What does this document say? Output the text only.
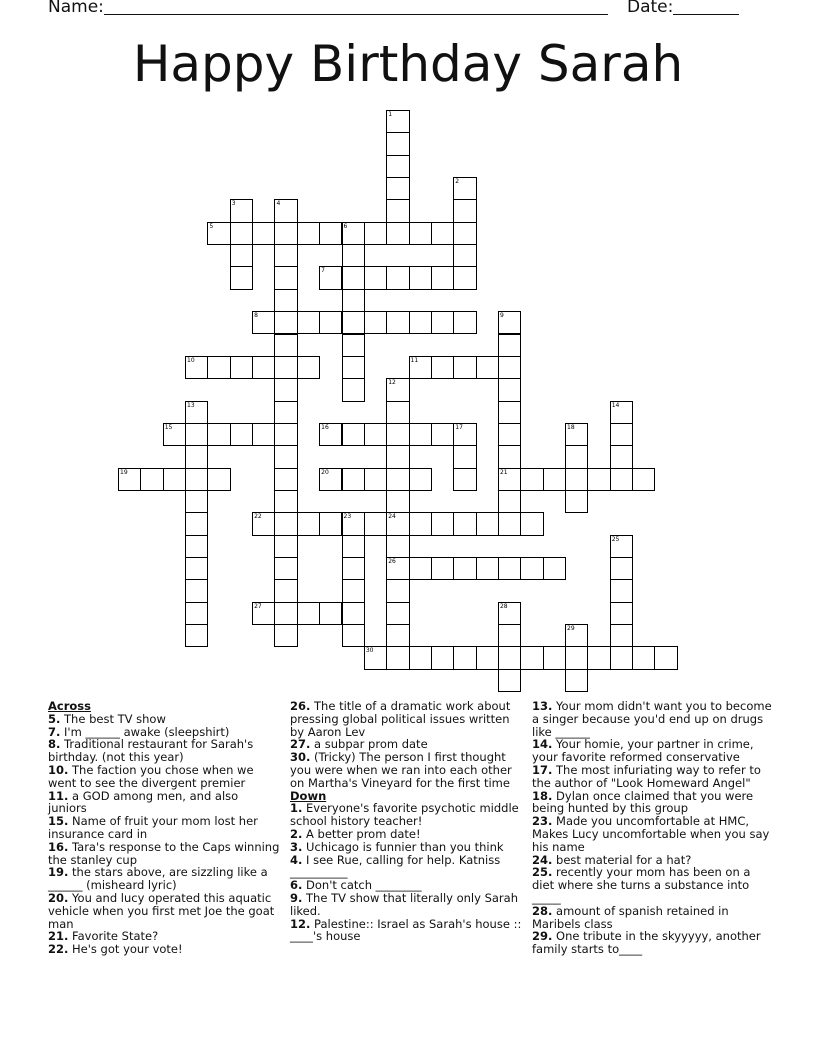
Name:	Date:
Happy Birthday Sarah
1
2
3	4
5	6
7
8	9
10	11
12
13	14
15	16	17	18
19	20	21
22	23	24
25
26
27	28
29
30
Across
5. The best TV show
7. I'm ______ awake (sleepshirt)
8. Traditional restaurant for Sarah's birthday. (not this year)
10. The faction you chose when we went to see the divergent premier
11. a GOD among men, and also juniors
15. Name of fruit your mom lost her insurance card in
16. Tara's response to the Caps winning the stanley cup
19. the stars above, are sizzling like a ______ (misheard lyric)
20. You and lucy operated this aquatic vehicle when you first met Joe the goat man
21. Favorite State?
22. He's got your vote!
26. The title of a dramatic work about pressing global political issues written by Aaron Lev
27. a subpar prom date
30. (Tricky) The person I first thought you were when we ran into each other on Martha's Vineyard for the first time
Down
1. Everyone's favorite psychotic middle school history teacher!
2. A better prom date!
3. Uchicago is funnier than you think
4. I see Rue, calling for help. Katniss __________
6. Don't catch ________
9. The TV show that literally only Sarah liked.
12. Palestine:: Israel as Sarah's house :: ____'s house
13. Your mom didn't want you to become a singer because you'd end up on drugs like ______
14. Your homie, your partner in crime, your favorite reformed conservative
17. The most infuriating way to refer to the author of "Look Homeward Angel"
18. Dylan once claimed that you were being hunted by this group
23. Made you uncomfortable at HMC, Makes Lucy uncomfortable when you say his name
24. best material for a hat?
25. recently your mom has been on a diet where she turns a substance into _____
28. amount of spanish retained in Maribels class
29. One tribute in the skyyyyy, another family starts to____
